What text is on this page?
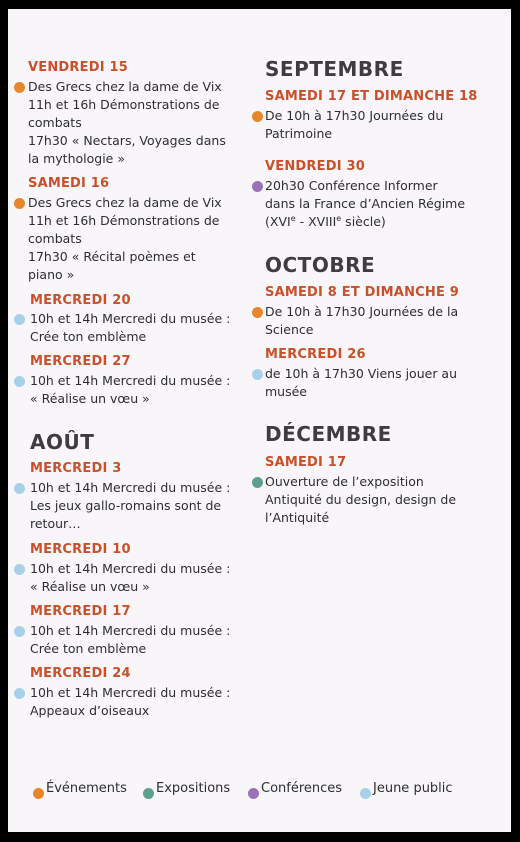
VENDREDI 15
Des Grecs chez la dame de Vix
11h et 16h Démonstrations de
combats
17h30 « Nectars, Voyages dans
la mythologie »
SAMEDI 16
Des Grecs chez la dame de Vix
11h et 16h Démonstrations de
combats
17h30 « Récital poèmes et
piano »
MERCREDI 20
10h et 14h Mercredi du musée :
Crée ton emblème
MERCREDI 27
10h et 14h Mercredi du musée :
« Réalise un vœu »
AOÛT
MERCREDI 3
10h et 14h Mercredi du musée :
Les jeux gallo-romains sont de
retour…
MERCREDI 10
10h et 14h Mercredi du musée :
« Réalise un vœu »
MERCREDI 17
10h et 14h Mercredi du musée :
Crée ton emblème
MERCREDI 24
10h et 14h Mercredi du musée :
Appeaux d’oiseaux
SEPTEMBRE
SAMEDI 17 ET DIMANCHE 18
De 10h à 17h30 Journées du
Patrimoine
VENDREDI 30
20h30 Conférence Informer
dans la France d’Ancien Régime
(XVIe - XVIIIe siècle)
OCTOBRE
SAMEDI 8 ET DIMANCHE 9
De 10h à 17h30 Journées de la
Science
MERCREDI 26
de 10h à 17h30 Viens jouer au
musée
DÉCEMBRE
SAMEDI 17
Ouverture de l’exposition
Antiquité du design, design de
l’Antiquité
Événements Expositions Conférences Jeune public
